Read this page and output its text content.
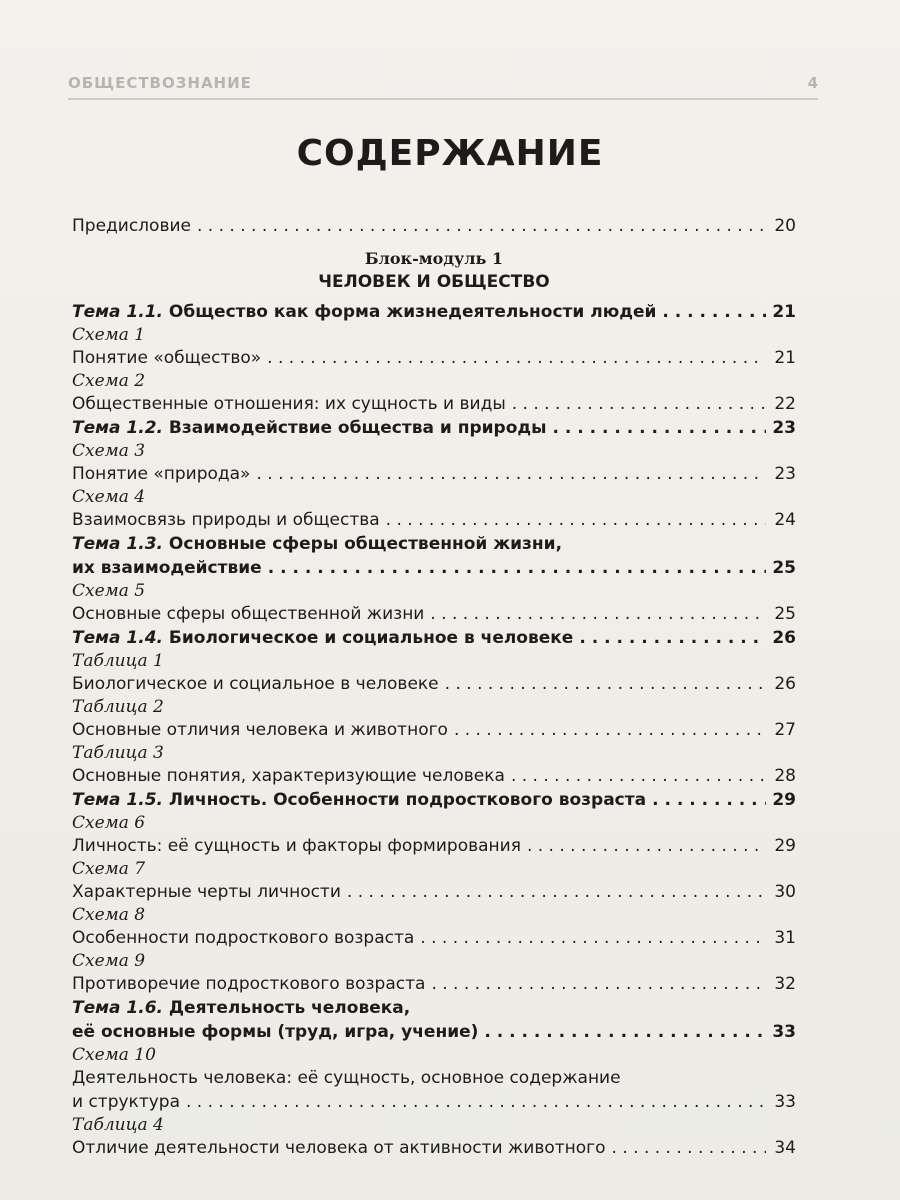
ОБЩЕСТВОЗНАНИЕ	4
СОДЕРЖАНИЕ
Предисловие . . .	20
Блок-модуль 1
ЧЕЛОВЕК И ОБЩЕСТВО
Тема 1.1. Общество как форма жизнедеятельности людей . . .	21
Схема 1
Понятие «общество» . . .	21
Схема 2
Общественные отношения: их сущность и виды . . .	22
Тема 1.2. Взаимодействие общества и природы . . .	23
Схема 3
Понятие «природа» . . .	23
Схема 4
Взаимосвязь природы и общества . . .	24
Тема 1.3. Основные сферы общественной жизни,
их взаимодействие . . .	25
Схема 5
Основные сферы общественной жизни . . .	25
Тема 1.4. Биологическое и социальное в человеке . . .	26
Таблица 1
Биологическое и социальное в человеке . . .	26
Таблица 2
Основные отличия человека и животного . . .	27
Таблица 3
Основные понятия, характеризующие человека . . .	28
Тема 1.5. Личность. Особенности подросткового возраста . . .	29
Схема 6
Личность: её сущность и факторы формирования . . .	29
Схема 7
Характерные черты личности . . .	30
Схема 8
Особенности подросткового возраста . . .	31
Схема 9
Противоречие подросткового возраста . . .	32
Тема 1.6. Деятельность человека,
её основные формы (труд, игра, учение) . . .	33
Схема 10
Деятельность человека: её сущность, основное содержание
и структура . . .	33
Таблица 4
Отличие деятельности человека от активности животного . . .	34
